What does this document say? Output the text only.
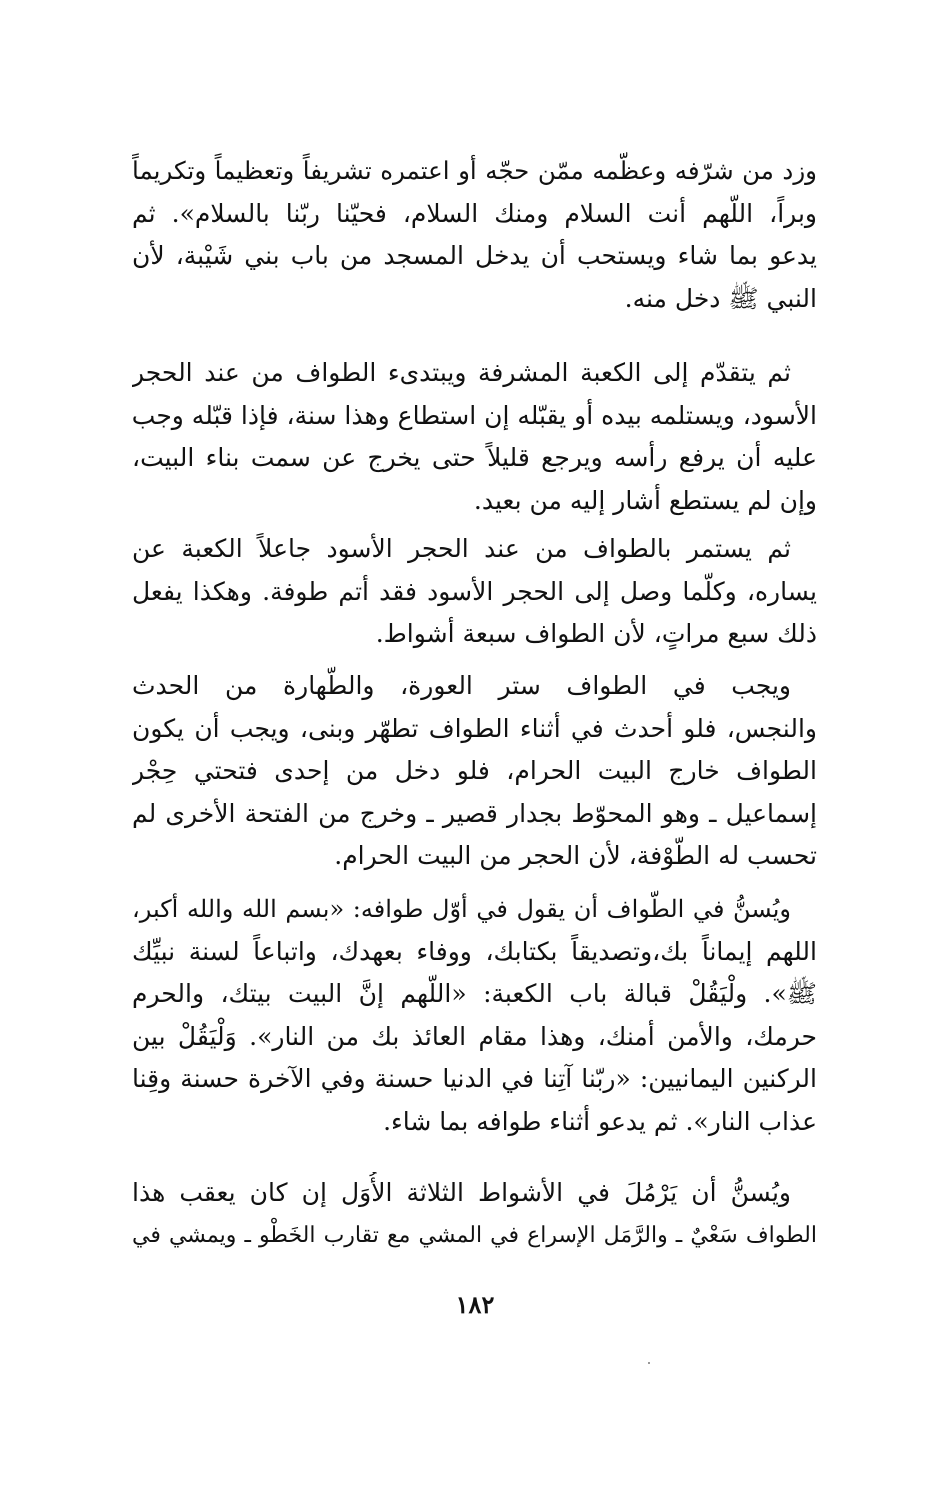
وزد من شرّفه وعظّمه ممّن حجّه أو اعتمره تشريفاً وتعظيماً وتكريماً
وبراً، اللّهم أنت السلام ومنك السلام، فحيّنا ربّنا بالسلام». ثم
يدعو بما شاء ويستحب أن يدخل المسجد من باب بني شَيْبة، لأن
النبي ﷺ دخل منه.
ثم يتقدّم إلى الكعبة المشرفة ويبتدىء الطواف من عند الحجر
الأسود، ويستلمه بيده أو يقبّله إن استطاع وهذا سنة، فإذا قبّله وجب
عليه أن يرفع رأسه ويرجع قليلاً حتى يخرج عن سمت بناء البيت،
وإن لم يستطع أشار إليه من بعيد.
ثم يستمر بالطواف من عند الحجر الأسود جاعلاً الكعبة عن
يساره، وكلّما وصل إلى الحجر الأسود فقد أتم طوفة. وهكذا يفعل
ذلك سبع مراتٍ، لأن الطواف سبعة أشواط.
ويجب في الطواف ستر العورة، والطّهارة من الحدث
والنجس، فلو أحدث في أثناء الطواف تطهّر وبنى، ويجب أن يكون
الطواف خارج البيت الحرام، فلو دخل من إحدى فتحتي حِجْر
إسماعيل ـ وهو المحوّط بجدار قصير ـ وخرج من الفتحة الأخرى لم
تحسب له الطّوْفة، لأن الحجر من البيت الحرام.
ويُسنُّ في الطّواف أن يقول في أوّل طوافه: «بسم الله والله أكبر،
اللهم إيماناً بك،وتصديقاً بكتابك، ووفاء بعهدك، واتباعاً لسنة نبيِّك
ﷺ». ولْيَقُلْ قبالة باب الكعبة: «اللّهم إنَّ البيت بيتك، والحرم
حرمك، والأمن أمنك، وهذا مقام العائذ بك من النار». وَلْيَقُلْ بين
الركنين اليمانيين: «ربّنا آتِنا في الدنيا حسنة وفي الآخرة حسنة وقِنا
عذاب النار». ثم يدعو أثناء طوافه بما شاء.
ويُسنُّ أن يَرْمُلَ في الأشواط الثلاثة الأُوَل إن كان يعقب هذا
الطواف سَعْيٌ ـ والرَّمَل الإسراع في المشي مع تقارب الخَطْو ـ ويمشي في
١٨٢
